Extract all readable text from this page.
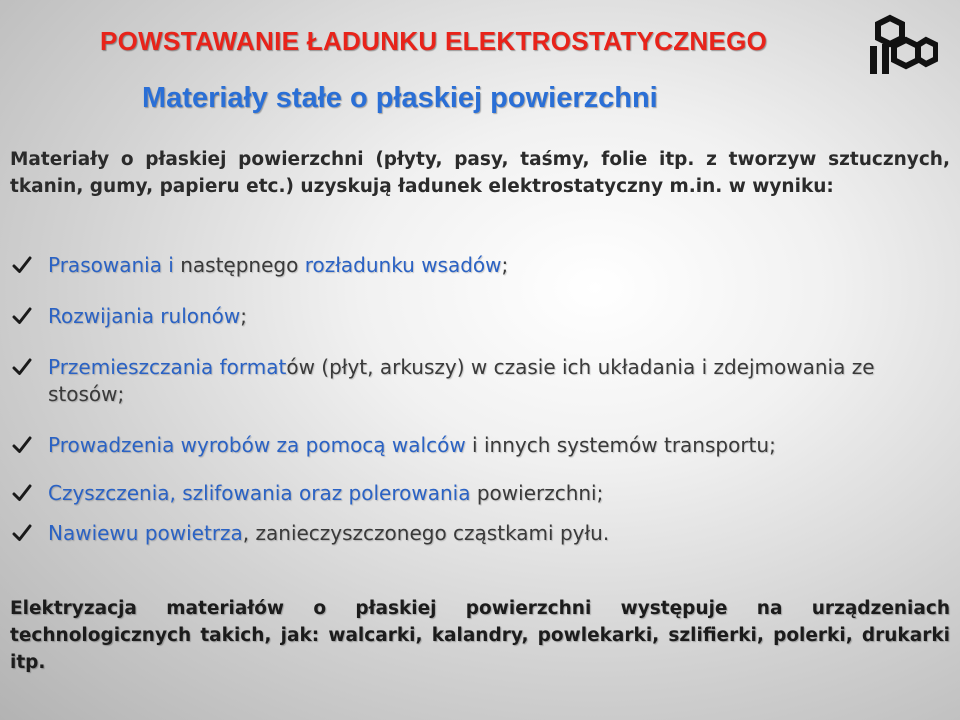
POWSTAWANIE ŁADUNKU ELEKTROSTATYCZNEGO
Materiały stałe o płaskiej powierzchni

Materiały o płaskiej powierzchni (płyty, pasy, taśmy, folie itp. z tworzyw sztucznych, tkanin, gumy, papieru etc.) uzyskują ładunek elektrostatyczny m.in. w wyniku:

Prasowania i następnego rozładunku wsadów;
Rozwijania rulonów;
Przemieszczania formatów (płyt, arkuszy) w czasie ich układania i zdejmowania ze stosów;
Prowadzenia wyrobów za pomocą walców i innych systemów transportu;
Czyszczenia, szlifowania oraz polerowania powierzchni;
Nawiewu powietrza, zanieczyszczonego cząstkami pyłu.

Elektryzacja materiałów o płaskiej powierzchni występuje na urządzeniach technologicznych takich, jak: walcarki, kalandry, powlekarki, szlifierki, polerki, drukarki itp.
